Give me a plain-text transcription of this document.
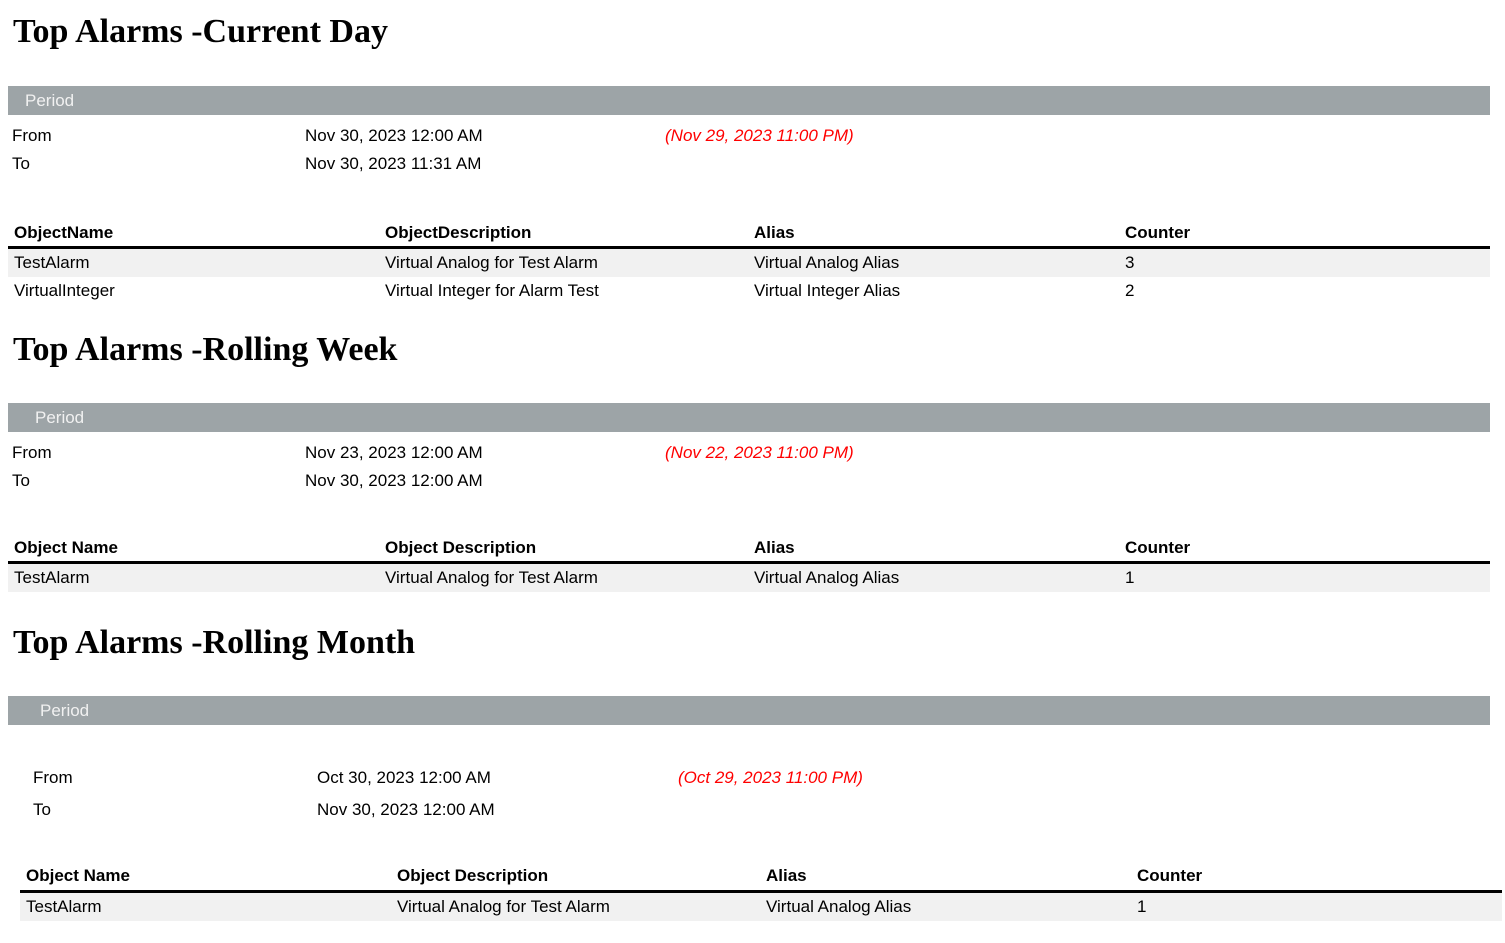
Top Alarms -Current Day
Period
From	Nov 30, 2023 12:00 AM	(Nov 29, 2023 11:00 PM)
To	Nov 30, 2023 11:31 AM
ObjectName	ObjectDescription	Alias	Counter
TestAlarm	Virtual Analog for Test Alarm	Virtual Analog Alias	3
VirtualInteger	Virtual Integer for Alarm Test	Virtual Integer Alias	2
Top Alarms -Rolling Week
Period
From	Nov 23, 2023 12:00 AM	(Nov 22, 2023 11:00 PM)
To	Nov 30, 2023 12:00 AM
Object Name	Object Description	Alias	Counter
TestAlarm	Virtual Analog for Test Alarm	Virtual Analog Alias	1
Top Alarms -Rolling Month
Period
From	Oct 30, 2023 12:00 AM	(Oct 29, 2023 11:00 PM)
To	Nov 30, 2023 12:00 AM
Object Name	Object Description	Alias	Counter
TestAlarm	Virtual Analog for Test Alarm	Virtual Analog Alias	1
